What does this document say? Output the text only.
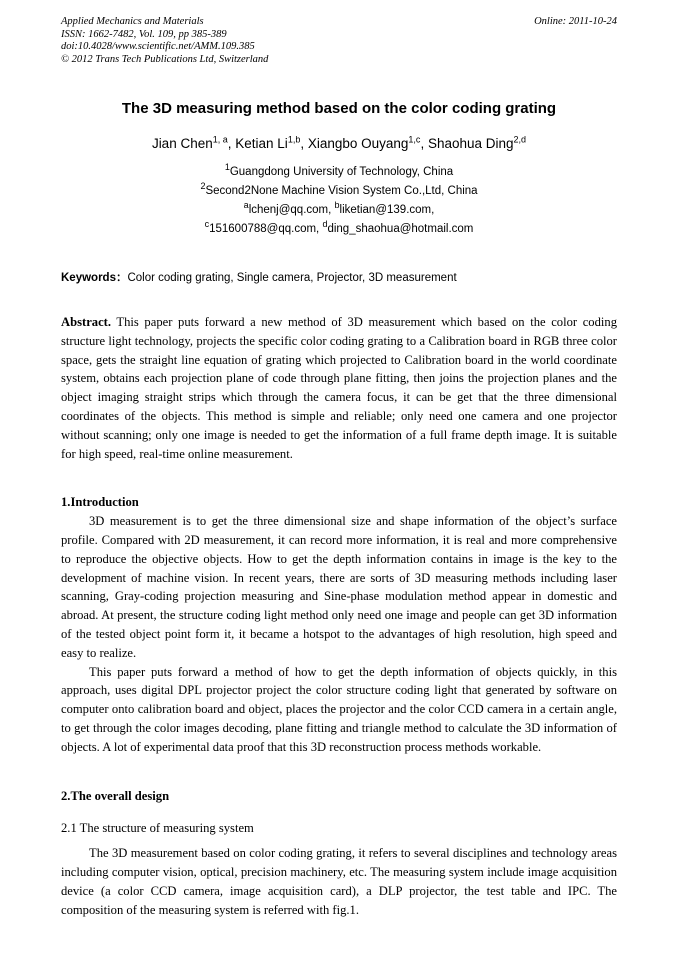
Applied Mechanics and Materials
ISSN: 1662-7482, Vol. 109, pp 385-389
doi:10.4028/www.scientific.net/AMM.109.385
© 2012 Trans Tech Publications Ltd, Switzerland
Online: 2011-10-24
The 3D measuring method based on the color coding grating
Jian Chen$^{1, a}$, Ketian Li$^{1,b}$, Xiangbo Ouyang$^{1,c}$, Shaohua Ding$^{2,d}$
$^1$Guangdong University of Technology, China
$^2$Second2None Machine Vision System Co.,Ltd, China
$^a$lchenj@qq.com, $^b$liketian@139.com,
$^c$151600788@qq.com, $^d$ding_shaohua@hotmail.com
Keywords：Color coding grating, Single camera, Projector, 3D measurement

Abstract. This paper puts forward a new method of 3D measurement which based on the color coding structure light technology, projects the specific color coding grating to a Calibration board in RGB three color space, gets the straight line equation of grating which projected to Calibration board in the world coordinate system, obtains each projection plane of code through plane fitting, then joins the projection planes and the object imaging straight strips which through the camera focus, it can be get that the three dimensional coordinates of the objects. This method is simple and reliable; only need one camera and one projector without scanning; only one image is needed to get the information of a full frame depth image. It is suitable for high speed, real-time online measurement.

1.Introduction

3D measurement is to get the three dimensional size and shape information of the object’s surface profile. Compared with 2D measurement, it can record more information, it is real and more comprehensive to reproduce the objective objects. How to get the depth information contains in image is the key to the development of machine vision. In recent years, there are sorts of 3D measuring methods including laser scanning, Gray-coding projection measuring and Sine-phase modulation method appear in domestic and abroad. At present, the structure coding light method only need one image and people can get 3D information of the tested object point form it, it became a hotspot to the advantages of high resolution, high speed and easy to realize.

This paper puts forward a method of how to get the depth information of objects quickly, in this approach, uses digital DPL projector project the color structure coding light that generated by software on computer onto calibration board and object, places the projector and the color CCD camera in a certain angle, to get through the color images decoding, plane fitting and triangle method to calculate the 3D information of objects. A lot of experimental data proof that this 3D reconstruction process methods workable.

2.The overall design
2.1 The structure of measuring system

The 3D measurement based on color coding grating, it refers to several disciplines and technology areas including computer vision, optical, precision machinery, etc. The measuring system include image acquisition device (a color CCD camera, image acquisition card), a DLP projector, the test table and IPC. The composition of the measuring system is referred with fig.1.
